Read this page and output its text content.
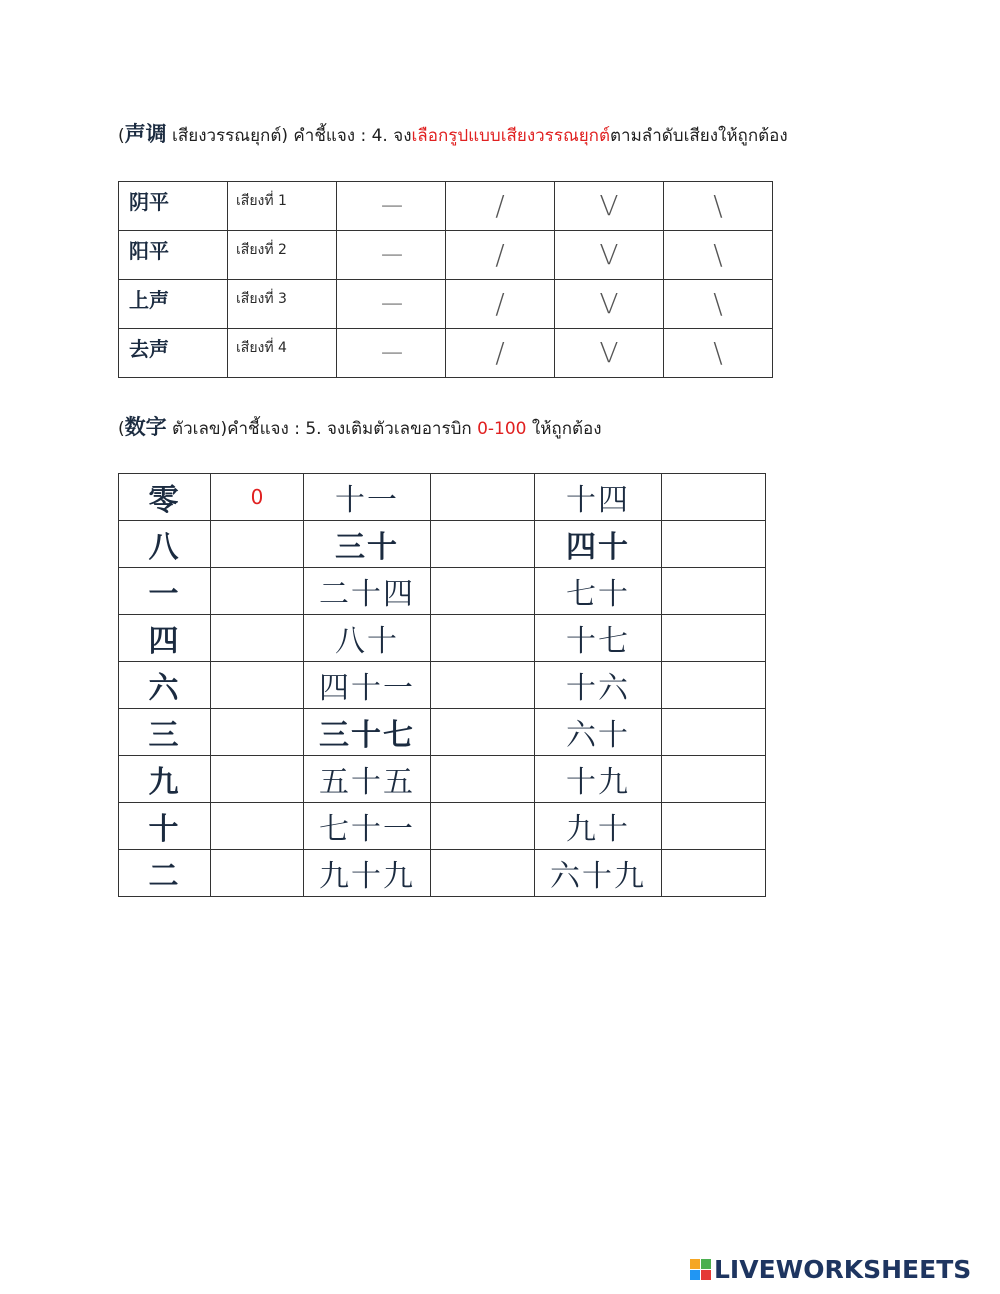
(声调 เสียงวรรณยุกต์) คำชี้แจง : 4. จงเลือกรูปแบบเสียงวรรณยุกต์ตามลำดับเสียงให้ถูกต้อง
阴平	เสียงที่ 1	—	/	V	\

阳平	เสียงที่ 2	—	/	V	\

上声	เสียงที่ 3	—	/	V	\

去声	เสียงที่ 4	—	/	V	\
(数字 ตัวเลข)คำชี้แจง : 5. จงเติมตัวเลขอารบิก 0-100 ให้ถูกต้อง
零	0	十一		十四	
八		三十		四十	
一		二十四		七十	
四		八十		十七	
六		四十一		十六	
三		三十七		六十	
九		五十五		十九	
十		七十一		九十	
二		九十九		六十九	
LIVEWORKSHEETS
